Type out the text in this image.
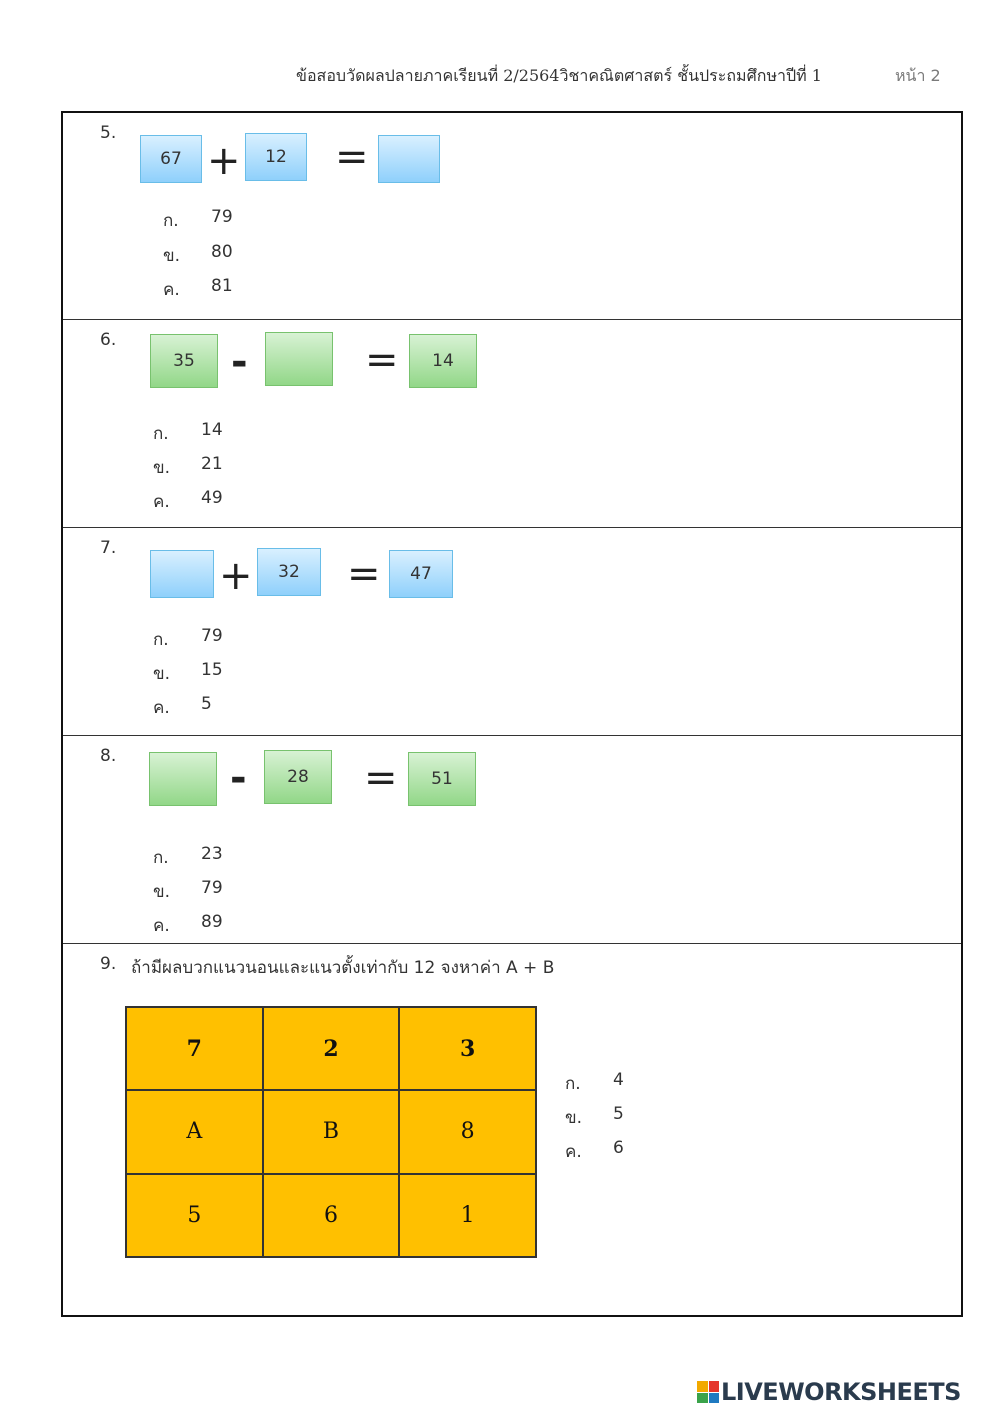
ข้อสอบวัดผลปลายภาคเรียนที่ 2/2564วิชาคณิตศาสตร์ ชั้นประถมศึกษาปีที่ 1	หน้า 2
5.
67 +	12	=
ก.	79
ข.	80
ค.	81
6.
35 -	=	14
ก.	14
ข.	21
ค.	49
7.
+	32	=	47
ก.	79
ข.	15
ค.	5
8.	-	28	=	51
ก.	23
ข.	79
ค.	89
9. ถ้ามีผลบวกแนวนอนและแนวตั้งเท่ากับ 12 จงหาค่า A + B
7	2	3
A	B	8
5	6	1
ก.	4
ข.	5
ค.	6
LIVEWORKSHEETS
